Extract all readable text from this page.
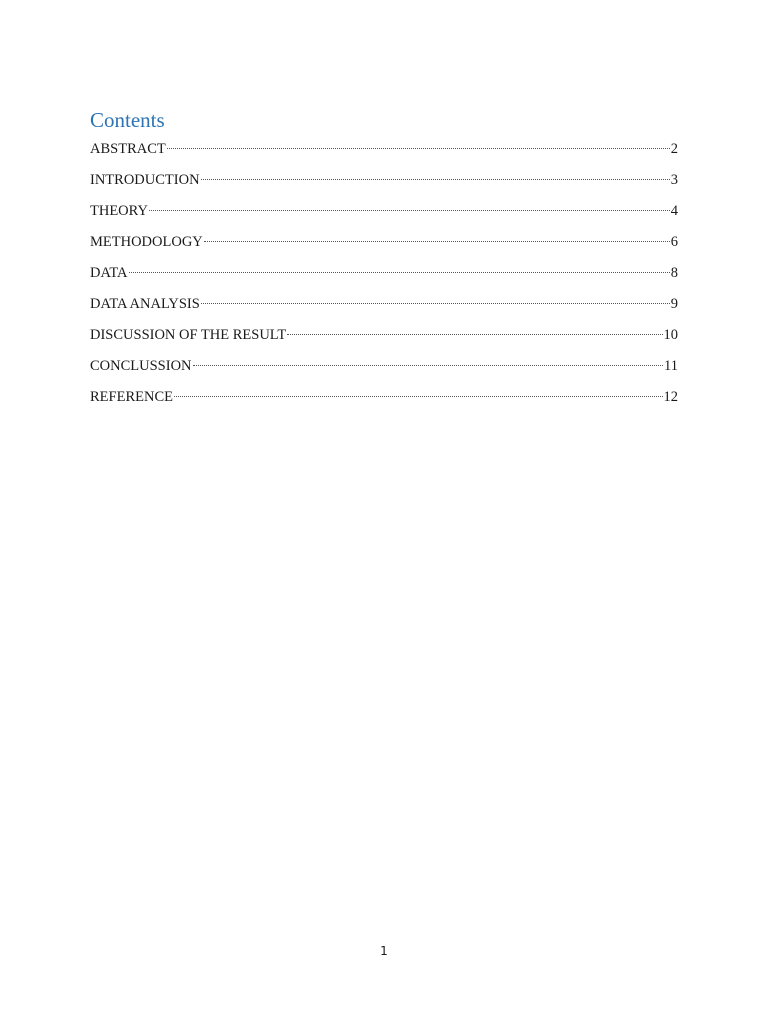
Contents
ABSTRACT	2
INTRODUCTION	3
THEORY	4
METHODOLOGY	6
DATA	8
DATA ANALYSIS	9
DISCUSSION OF THE RESULT	10
CONCLUSSION	11
REFERENCE	12
1
